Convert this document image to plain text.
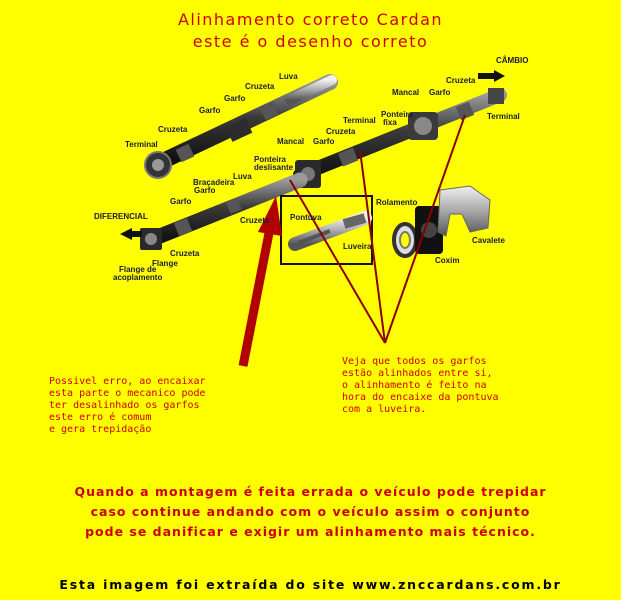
Alinhamento correto Cardan
este é o desenho correto
CÂMBIO
DIFERENCIAL
Luva
Cruzeta
Garfo
Garfo
Cruzeta
Terminal
Cruzeta
Garfo
Mancal
Terminal
Ponteira
fixa
Terminal
Cruzeta
Garfo
Mancal
Ponteira
deslisante
Luva
Braçadeira
Garfo
Garfo
Cruzeta
Cruzeta
Flange
Flange de
acoplamento
Pontuva
Luveira
Rolamento
Cavalete
Coxim
Possivel erro, ao encaixar
esta parte o mecanico pode
ter desalinhado os garfos
este erro é comum
e gera trepidação
Veja que todos os garfos
estão alinhados entre si,
o alinhamento é feito na
hora do encaixe da pontuva
com a luveira.
Quando a montagem é feita errada o veículo pode trepidar
caso continue andando com o veículo assim o conjunto
pode se danificar e exigir um alinhamento mais técnico.
Esta imagem foi extraída do site www.znccardans.com.br
